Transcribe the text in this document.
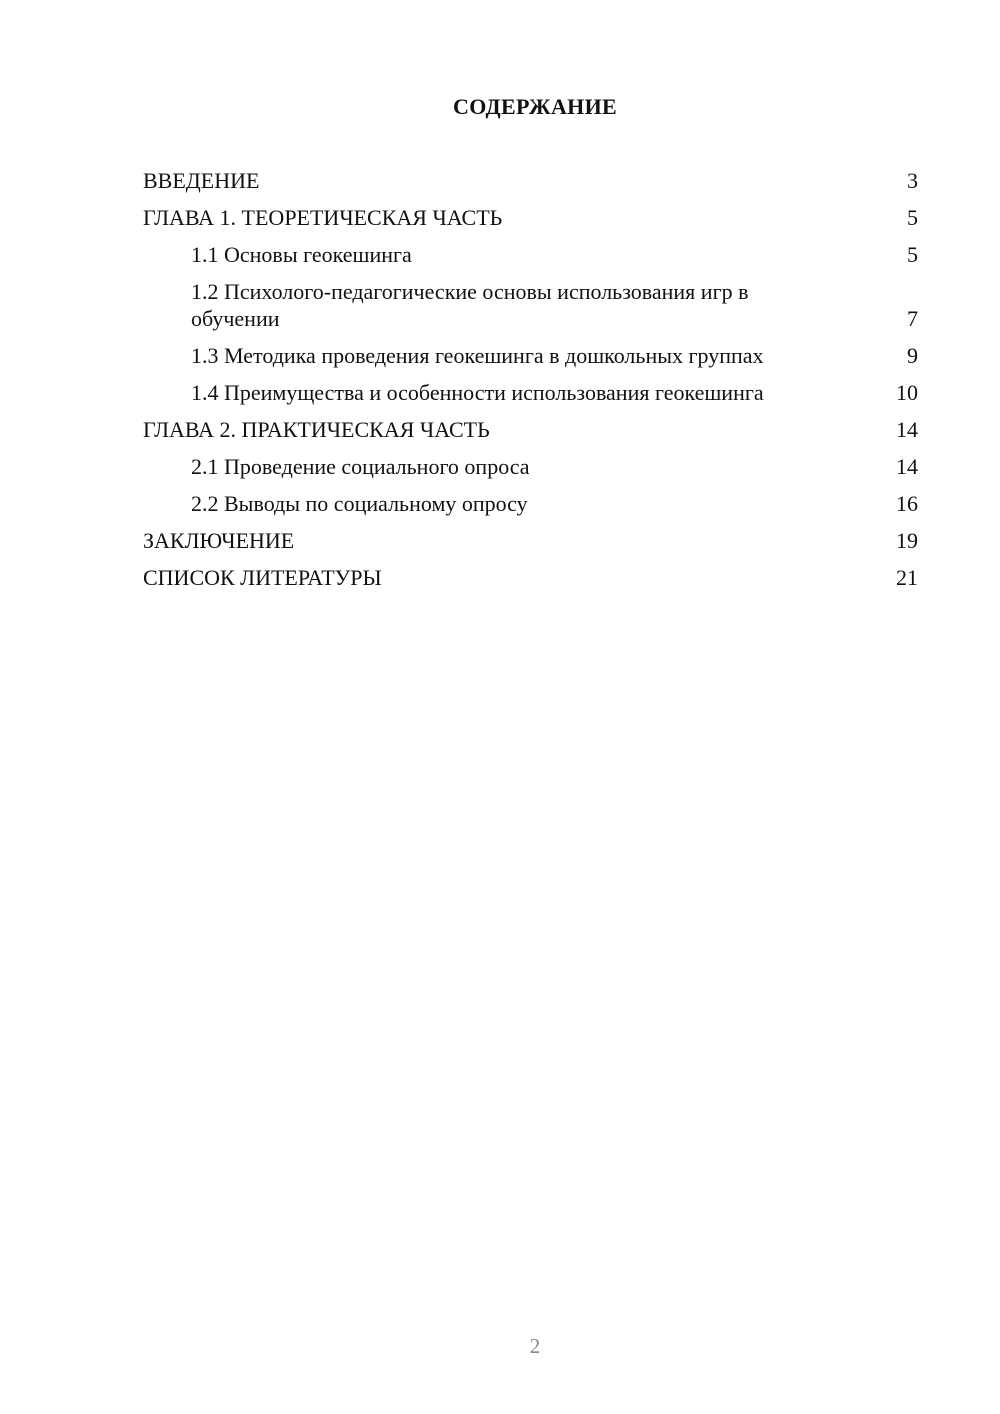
СОДЕРЖАНИЕ
ВВЕДЕНИЕ	3
ГЛАВА 1. ТЕОРЕТИЧЕСКАЯ ЧАСТЬ	5
1.1 Основы геокешинга	5
1.2 Психолого-педагогические основы использования игр в обучении	7
1.3 Методика проведения геокешинга в дошкольных группах	9
1.4 Преимущества и особенности использования геокешинга	10
ГЛАВА 2. ПРАКТИЧЕСКАЯ ЧАСТЬ	14
2.1 Проведение социального опроса	14
2.2 Выводы по социальному опросу	16
ЗАКЛЮЧЕНИЕ	19
СПИСОК ЛИТЕРАТУРЫ	21
2
